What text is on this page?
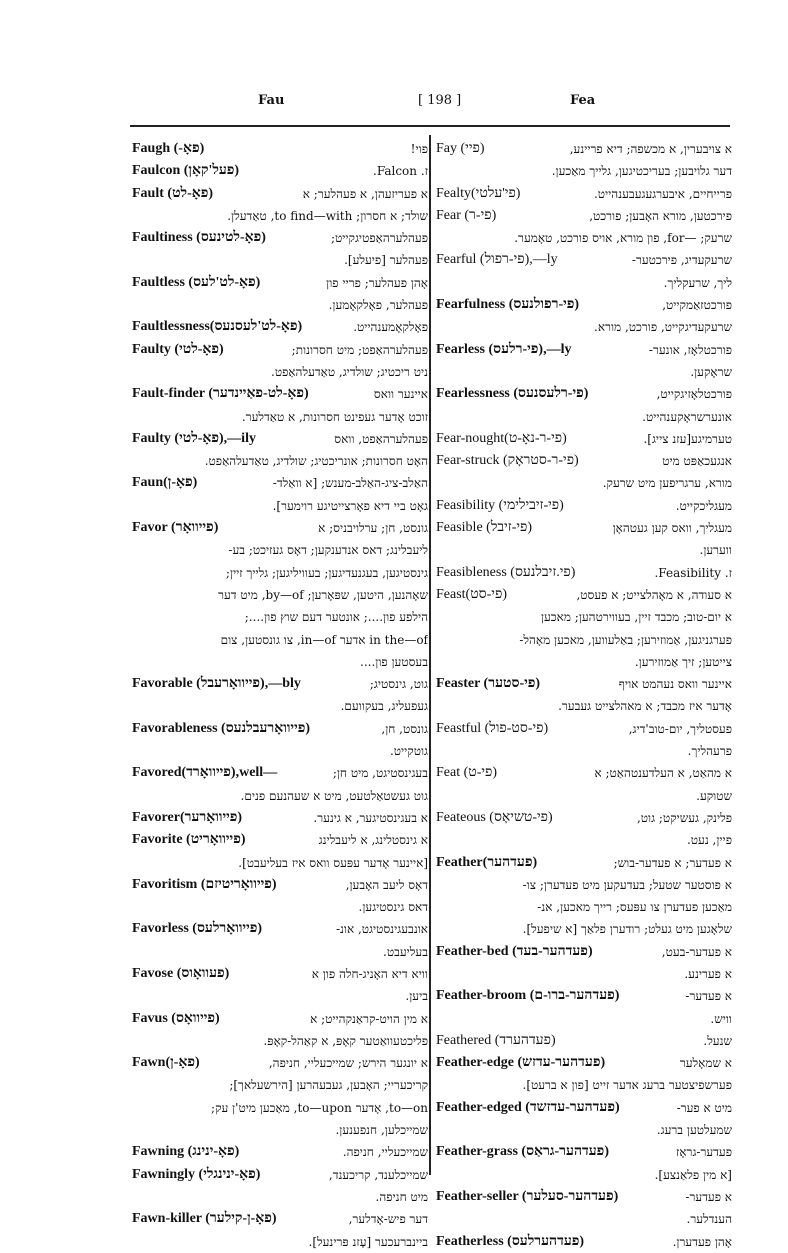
Fau	[ 198 ]	Fea
Faugh (-פאָ)	פוי!
Faulcon (פעל'קאָן)	ז. Falcon.
Fault (פאָ-לט)	א פעריזעהן, א פעהלער; א
שולד; א חסרון; to find—with, טאַדעלן.
Faultiness (פאָ-לטינעס)	פעהלערהאַפטיגקייט;
פעהלער [פיעלע].
Faultless (פאָ-לט'לעס)	אָהן פעהלער; פריי פון
פעהלער, פאָלקאָמען.
Faultlessness(פאָ-לט'לעסנעס)	פאָלקאָמענהייט.
Faulty (פאָ-לטי)	פעהלערהאַפט; מיט חסרונות;
ניט ריכטיג; שולדיג, טאַדעלהאַפט.
Fault-finder (פאָ-לט-פאַיינדער)	איינער וואס
זוכט אָדער געפינט חסרונות, א טאַדלער.
Faulty (פאָ-לטי),—ily	פעהלערהאַפט, וואס
האָט חסרונות; אונריכטיג; שולדיג, טאַדעלהאַפט.
Faun(פאָ-ן)	האַלב-ציג-האַלב-מענש; [א וואַלד-
גאָט ביי דיא פאָרצייטיגע רוימער].
Favor (פייוואָר)	גונסט, חן; ערלויבניס; א
ליעבלינג; דאס אנדענקען; דאָס געזיכט; בע-
גינסטיגען, בעגנעדיגען; בעוויליגען; גלייך זיין;
שאָהנען, היטען, שפּאָרען; by—of, מיט דער
הילפע פון....; אונטער דעם שוץ פון....;
in the—of אדער in—of, צו גונסטען, צום
בעסטען פון....
Favorable (פייוואָרעבל),—bly	גוט, גינסטיג;
געפעליג, בעקוועם.
Favorableness (פייוואָרעבלנעס)	גונסט, חן,
גוטקייט.
Favored(פייוואָרד),well—	בעגינסטיגט, מיט חן;
גוט געשטאַלטעט, מיט א שעהנעם פנים.
Favorer(פייוואָרער)	א בעגינסטיגער, א גינער.
Favorite (פייוואָריט)	א גינסטלינג, א ליעבלינג
[איינער אָדער עפּעס וואס איז בעליעבט].
Favoritism (פייוואָריטיזם)	דאָס ליעב האָבען,
דאס גינסטיגען.
Favorless (פייוואָרלעס)	אונבעגינסטיגט, אונ-
בעליעבט.
Favose (פעוואָוס)	וויא דיא האָניג-חלה פון א
ביען.
Favus (פייוואָס)	א מין הויט-קראַנקהייט; א
פליכטעוואַטער קאָפּ, א קאַהל-קאָפּ.
Fawn(פאָ-ן)	א יונגער הירש; שמייכעליי, חניפה,
קריכעריי; האָבען, געבעהרען [הירשעלאך];
to—on, אָדער to—upon, מאַכען מיט'ן עק;
שמייכלען, חנפענען.
Fawning (פאָ-ינינג)	שמייכעליי, חניפה.
Fawningly (פאָ-ינינגלי)	שמייכלענד, קריכענד,
מיט חניפה.
Fawn-killer (פאָ-ן-קילער)	דער פיש-אָדלער,
ביינברעכער [עָזנ פּרינעל].
Fay (פיי)	א צויבערין, א מכשפה; דיא פריינע,
דער גלויבען; בעריכטיגען, גלייך מאַכען.
Fealty(פי'עלטי)	פרייחיים, איבערגעגעבענהייט.
Fear (פי-ר)	פירכטען, מורא האָבען; פורכט,
שרעק; —for, פון מורא, אויס פורכט, טאָמער.
Fearful (פי-רפול),—ly	שרעקעדיג, פירכטער-
ליך, שרעקליך.
Fearfulness (פי-רפולנעס)	פורכטזאַמקייט,
שרעקעדיגקייט, פורכט, מורא.
Fearless (פי-רלעס),—ly	פורכטלאָז, אונער-
שראָקען.
Fearlessness (פי-רלעסנעס)	פורכטלאָזיגקייט,
אונערשראָקענהייט.
Fear-nought(פי-ר-נאָ-ט)	טערמיגע[עזנ צייג].
Fear-struck (פי-ר-סטראָק)	אנגעכאַפּט מיט
מורא, ערגריפען מיט שרעק.
Feasibility (פי-זיבילימי)	מעגליכקייט.
Feasible (פי-זיבל)	מעגליך, וואס קען געטהאָן
ווערען.
Feasibleness (פי.זיבלנעס)	ז. Feasibility.
Feast(פי-סט)	א סעודה, א מאָהלצייט; א פעסט,
א יום-טוב; מכבד זיין, בעווירטהען; מאכען
פערגניגען, אַמוזירען; באַלעווען, מאכען מאָהל-
צייטען; זיך אַמוזירען.
Feaster (פי-סטער)	איינער וואס נעהמט אויף
אָדער איז מכבד; א מאהלצייט געבער.
Feastful (פי-סט-פול)	פעסטליך, יום-טוב'דיג,
פרעהליך.
Feat (פי-ט)	א מהאַט, א העלדענטהאַט; א
שטוקע.
Feateous (פי-טשיאָס)	פלינק, געשיקט; גוט,
פיין, נעט.
Feather(פעדהער)	א פעדער; א פעדער-בוש;
א פוסטער שטעל; בעדעקען מיט פעדערן; צו-
מאַכען פעדערן צו עפּעס; רייך מאכען, אנ-
שלאָגען מיט געלט; רודערן פלאַך [א שיפעל].
Feather-bed (פעדהער-בעד)	א פעדער-בעט,
א פערינע.
Feather-broom (פעדהער-ברו-ם)	א פעדער-
וויש.
Feathered (פעדהערד)	שנעל.
Feather-edge (פעדהער-עדזש)	א שמאָלער
פערשפיצטער ברעג אדער זייט [פון א ברעט].
Feather-edged (פעדהער-עדזשד)	מיט א פער-
שמעלטען ברעג.
Feather-grass (פעדהער-גראַס)	פעדער-גראָז
[א מין פלאַנצע].
Feather-seller (פעדהער-סעלער)	א פעדער-
הענדלער.
Featherless (פעדהערלעס)	אָהן פעדערן.
